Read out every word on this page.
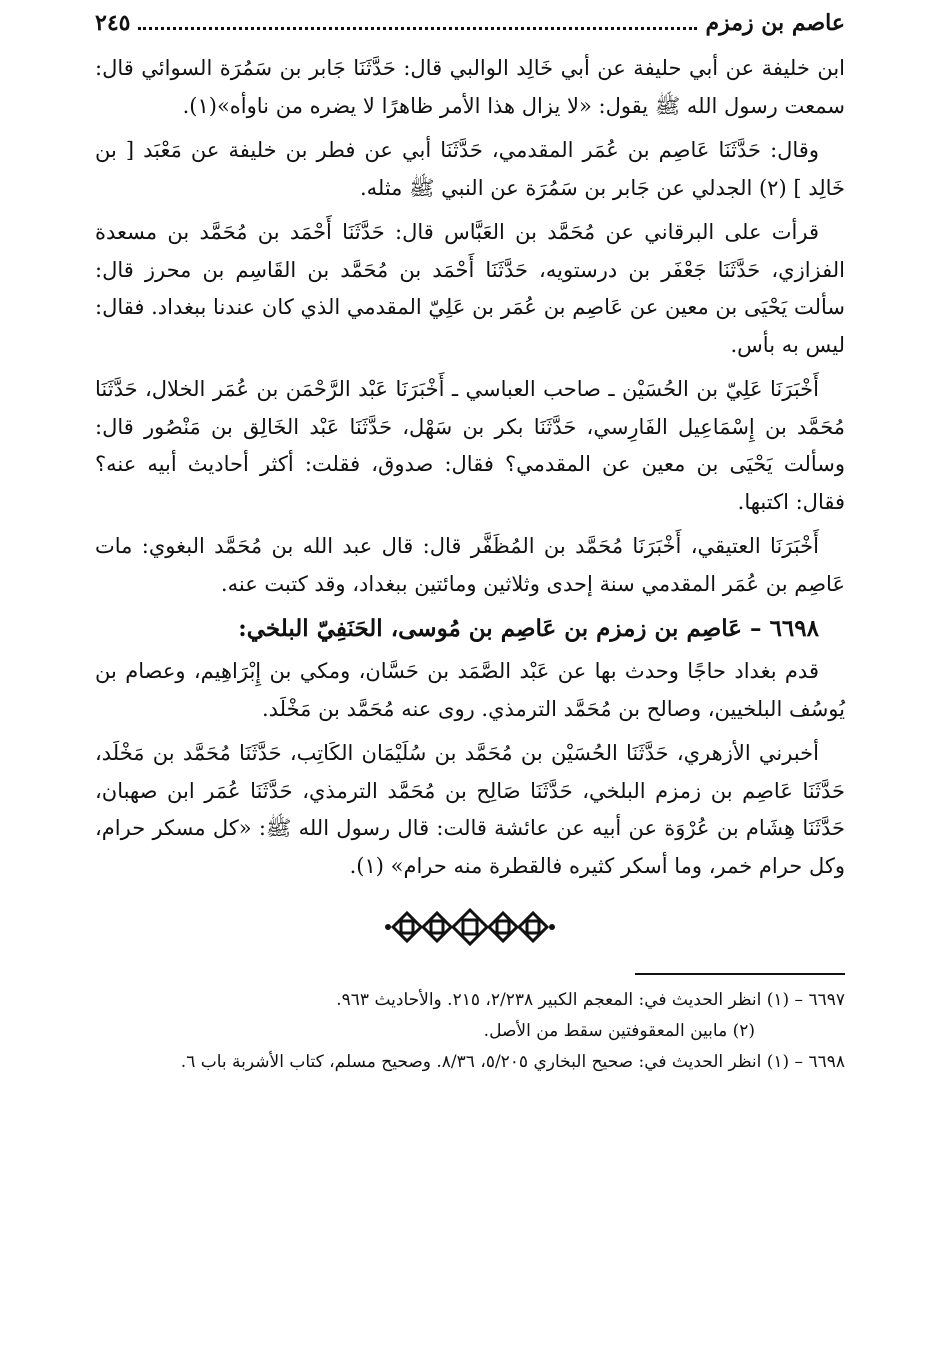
عاصم بن زمزم
٢٤٥

ابن خليفة عن أبي حليفة عن أبي خَالِد الوالبي قال: حَدَّثَنَا جَابر بن سَمُرَة السوائي قال: سمعت رسول الله ﷺ يقول: «لا يزال هذا الأمر ظاهرًا لا يضره من ناوأه»(١).

وقال: حَدَّثَنَا عَاصِم بن عُمَر المقدمي، حَدَّثَنَا أبي عن فطر بن خليفة عن مَعْبَد [ بن خَالِد ] (٢) الجدلي عن جَابر بن سَمُرَة عن النبي ﷺ مثله.

قرأت على البرقاني عن مُحَمَّد بن العَبَّاس قال: حَدَّثَنَا أَحْمَد بن مُحَمَّد بن مسعدة الفزازي، حَدَّثَنَا جَعْفَر بن درستويه، حَدَّثَنَا أَحْمَد بن مُحَمَّد بن القَاسِم بن محرز قال: سألت يَحْيَى بن معين عن عَاصِم بن عُمَر بن عَلِيّ المقدمي الذي كان عندنا ببغداد. فقال: ليس به بأس.

أَخْبَرَنَا عَلِيّ بن الحُسَيْن ـ صاحب العباسي ـ أَخْبَرَنَا عَبْد الرَّحْمَن بن عُمَر الخلال، حَدَّثَنَا مُحَمَّد بن إِسْمَاعِيل الفَارِسي، حَدَّثَنَا بكر بن سَهْل، حَدَّثَنَا عَبْد الخَالِق بن مَنْصُور قال: وسألت يَحْيَى بن معين عن المقدمي؟ فقال: صدوق، فقلت: أكثر أحاديث أبيه عنه؟ فقال: اكتبها.

أَخْبَرَنَا العتيقي، أَخْبَرَنَا مُحَمَّد بن المُظَفَّر قال: قال عبد الله بن مُحَمَّد البغوي: مات عَاصِم بن عُمَر المقدمي سنة إحدى وثلاثين ومائتين ببغداد، وقد كتبت عنه.

٦٦٩٨ – عَاصِم بن زمزم بن عَاصِم بن مُوسى، الحَنَفِيّ البلخي:

قدم بغداد حاجًا وحدث بها عن عَبْد الصَّمَد بن حَسَّان، ومكي بن إِبْرَاهِيم، وعصام بن يُوسُف البلخيين، وصالح بن مُحَمَّد الترمذي. روى عنه مُحَمَّد بن مَخْلَد.

أخبرني الأزهري، حَدَّثَنَا الحُسَيْن بن مُحَمَّد بن سُلَيْمَان الكَاتِب، حَدَّثَنَا مُحَمَّد بن مَخْلَد، حَدَّثَنَا عَاصِم بن زمزم البلخي، حَدَّثَنَا صَالِح بن مُحَمَّد الترمذي، حَدَّثَنَا عُمَر ابن صهبان، حَدَّثَنَا هِشَام بن عُرْوَة عن أبيه عن عائشة قالت: قال رسول الله ﷺ: «كل مسكر حرام، وكل حرام خمر، وما أسكر كثيره فالقطرة منه حرام» (١).

٦٦٩٧ – (١) انظر الحديث في: المعجم الكبير ٢/٢٣٨، ٢١٥. والأحاديث ٩٦٣.

(٢) مابين المعقوفتين سقط من الأصل.

٦٦٩٨ – (١) انظر الحديث في: صحيح البخاري ٥/٢٠٥، ٨/٣٦. وصحيح مسلم، كتاب الأشربة باب ٦.
